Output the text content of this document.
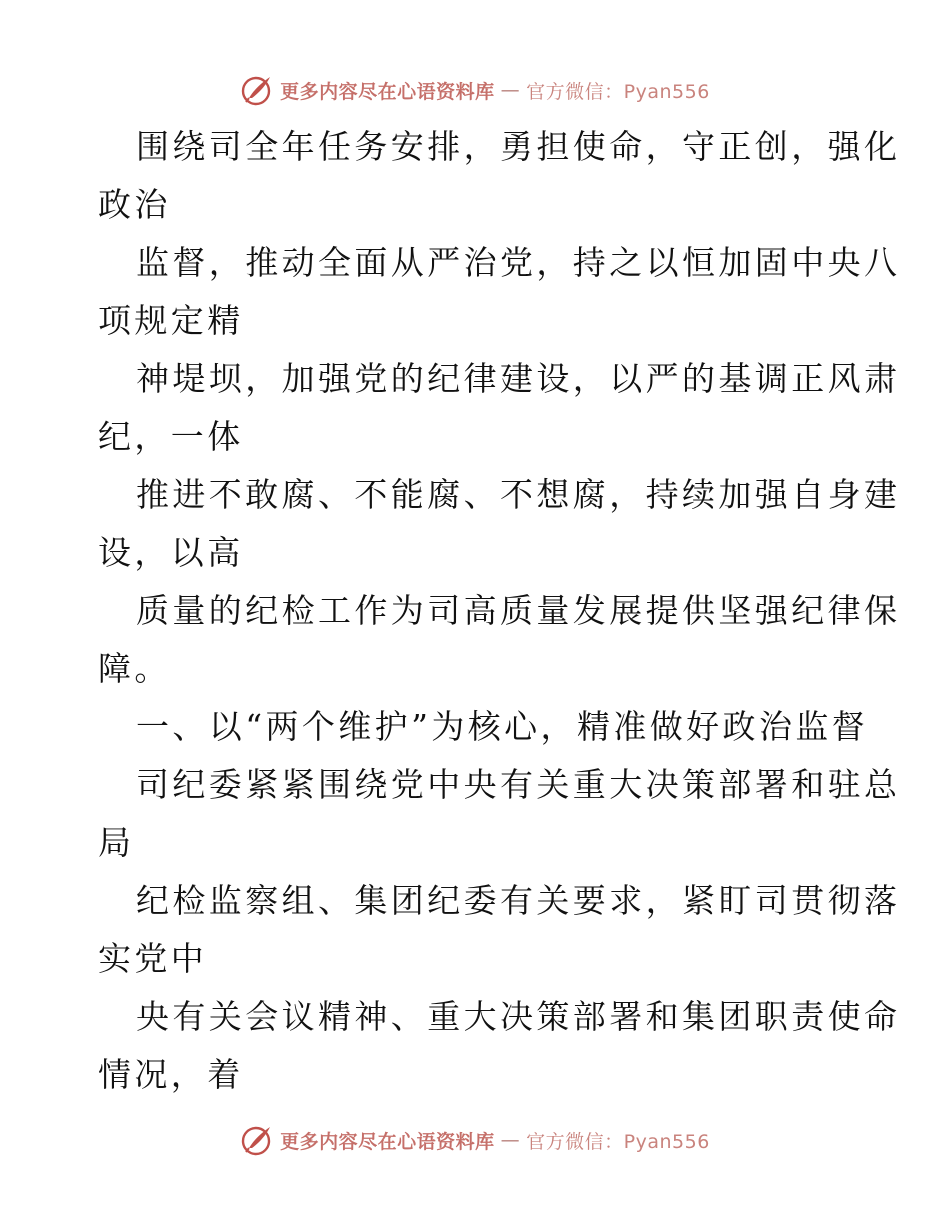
更多内容尽在心语资料库 — 官方微信：Pyan556
围绕司全年任务安排，勇担使命，守正创，强化
政治
监督，推动全面从严治党，持之以恒加固中央八
项规定精
神堤坝，加强党的纪律建设，以严的基调正风肃
纪，一体
推进不敢腐、不能腐、不想腐，持续加强自身建
设，以高
质量的纪检工作为司高质量发展提供坚强纪律保
障。
一、以“两个维护”为核心，精准做好政治监督
司纪委紧紧围绕党中央有关重大决策部署和驻总
局
纪检监察组、集团纪委有关要求，紧盯司贯彻落
实党中
央有关会议精神、重大决策部署和集团职责使命
情况，着
更多内容尽在心语资料库 — 官方微信：Pyan556
